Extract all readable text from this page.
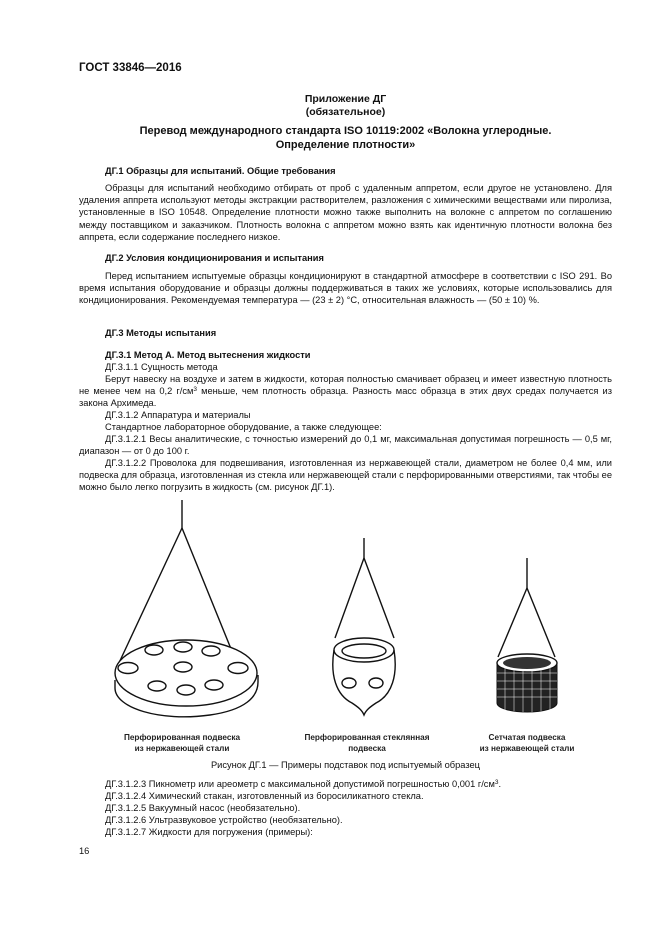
ГОСТ 33846—2016
Приложение ДГ
(обязательное)
Перевод международного стандарта ISO 10119:2002 «Волокна углеродные.
Определение плотности»
ДГ.1 Образцы для испытаний. Общие требования

Образцы для испытаний необходимо отбирать от проб с удаленным аппретом, если другое не установлено. Для удаления аппрета используют методы экстракции растворителем, разложения с химическими веществами или пиролиза, установленные в ISO 10548. Определение плотности можно также выполнить на волокне с аппретом по соглашению между поставщиком и заказчиком. Плотность волокна с аппретом можно взять как идентичную плотности волокна без аппрета, если содержание последнего низкое.

ДГ.2 Условия кондиционирования и испытания

Перед испытанием испытуемые образцы кондиционируют в стандартной атмосфере в соответствии с ISO 291. Во время испытания оборудование и образцы должны поддерживаться в таких же условиях, которые использовались для кондиционирования. Рекомендуемая температура — (23 ± 2) °С, относительная влажность — (50 ± 10) %.

ДГ.3 Методы испытания
ДГ.3.1 Метод А. Метод вытеснения жидкости
ДГ.3.1.1 Сущность метода

Берут навеску на воздухе и затем в жидкости, которая полностью смачивает образец и имеет известную плотность не менее чем на 0,2 $г/см^3$ меньше, чем плотность образца. Разность масс образца в этих двух средах получается из закона Архимеда.

ДГ.3.1.2 Аппаратура и материалы
Стандартное лабораторное оборудование, а также следующее:

ДГ.3.1.2.1 Весы аналитические, с точностью измерений до 0,1 мг, максимальная допустимая погрешность — 0,5 мг, диапазон — от 0 до 100 г.

ДГ.3.1.2.2 Проволока для подвешивания, изготовленная из нержавеющей стали, диаметром не более 0,4 мм, или подвеска для образца, изготовленная из стекла или нержавеющей стали с перфорированными отверстиями, так чтобы ее можно было легко погрузить в жидкость (см. рисунок ДГ.1).

Перфорированная подвеска
из нержавеющей стали
Перфорированная стеклянная
подвеска
Сетчатая подвеска
из нержавеющей стали
Рисунок ДГ.1 — Примеры подставок под испытуемый образец
ДГ.3.1.2.3 Пикнометр или ареометр с максимальной допустимой погрешностью 0,001 $г/см^3$.
ДГ.3.1.2.4 Химический стакан, изготовленный из боросиликатного стекла.
ДГ.3.1.2.5 Вакуумный насос (необязательно).
ДГ.3.1.2.6 Ультразвуковое устройство (необязательно).
ДГ.3.1.2.7 Жидкости для погружения (примеры):
16
